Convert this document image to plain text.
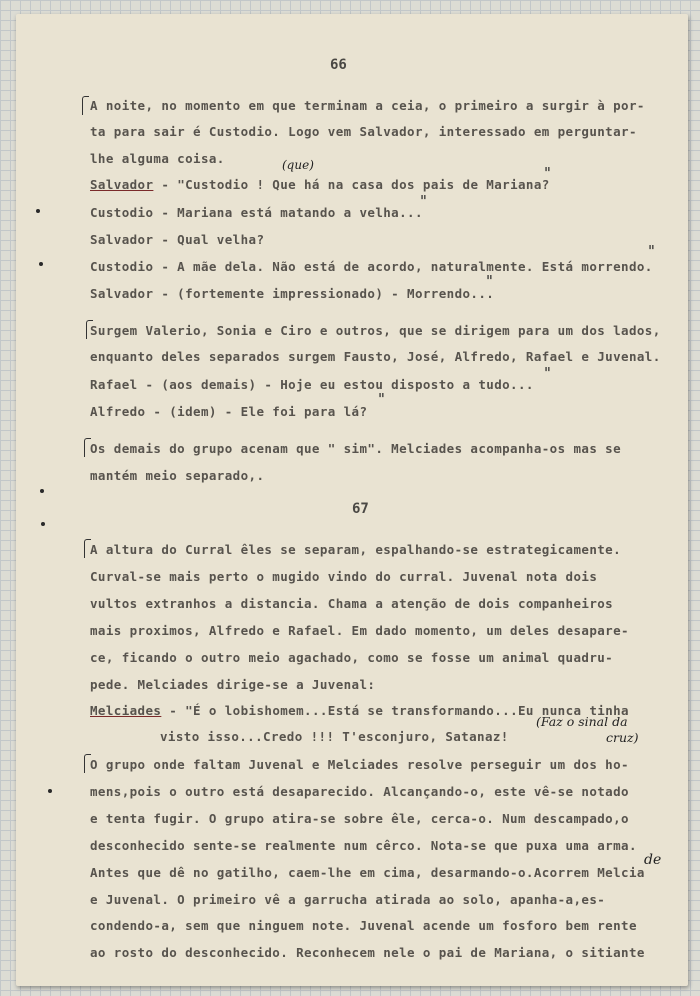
66
A noite, no momento em que terminam a ceia, o primeiro a surgir à por-
ta para sair é Custodio. Logo vem Salvador, interessado em perguntar-
lhe alguma coisa.	(que)
Salvador - "Custodio ! Que há na casa dos pais de Mariana?
"
Custodio - Mariana está matando a velha...
"
Salvador - Qual velha?
Custodio - A mãe dela. Não está de acordo, naturalmente. Está morrendo.
"
Salvador - (fortemente impressionado) - Morrendo...
"
Surgem Valerio, Sonia e Ciro e outros, que se dirigem para um dos lados,
enquanto deles separados surgem Fausto, José, Alfredo, Rafael e Juvenal.
Rafael - (aos demais) - Hoje eu estou disposto a tudo...
"
Alfredo - (idem) - Ele foi para lá?
"
Os demais do grupo acenam que " sim". Melciades acompanha-os mas se
mantém meio separado,.
67
A altura do Curral êles se separam, espalhando-se estrategicamente.
Curval-se mais perto o mugido vindo do curral. Juvenal nota dois
vultos extranhos a distancia. Chama a atenção de dois companheiros
mais proximos, Alfredo e Rafael. Em dado momento, um deles desapare-
ce, ficando o outro meio agachado, como se fosse um animal quadru-
pede. Melciades dirige-se a Juvenal:
Melciades - "É o lobishomem...Está se transformando...Eu nunca tinha
visto isso...Credo !!! T'esconjuro, Satanaz!
(Faz o sinal da
cruz)
O grupo onde faltam Juvenal e Melciades resolve perseguir um dos ho-
mens,pois o outro está desaparecido. Alcançando-o, este vê-se notado
e tenta fugir. O grupo atira-se sobre êle, cerca-o. Num descampado,o
desconhecido sente-se realmente num cêrco. Nota-se que puxa uma arma.
Antes que dê no gatilho, caem-lhe em cima, desarmando-o.Acorrem Melcia
de
e Juvenal. O primeiro vê a garrucha atirada ao solo, apanha-a,es-
condendo-a, sem que ninguem note. Juvenal acende um fosforo bem rente
ao rosto do desconhecido. Reconhecem nele o pai de Mariana, o sitiante
